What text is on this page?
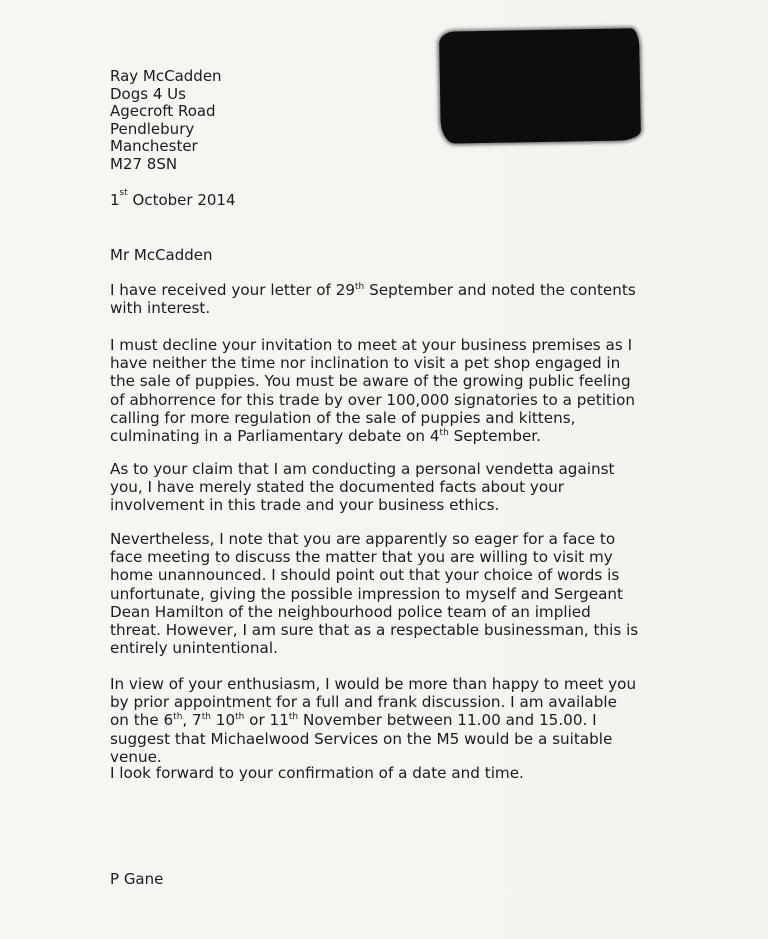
Ray McCadden
Dogs 4 Us
Agecroft Road
Pendlebury
Manchester
M27 8SN
1st October 2014
Mr McCadden

I have received your letter of 29th September and noted the contents with interest.

I must decline your invitation to meet at your business premises as I have neither the time nor inclination to visit a pet shop engaged in the sale of puppies. You must be aware of the growing public feeling of abhorrence for this trade by over 100,000 signatories to a petition calling for more regulation of the sale of puppies and kittens, culminating in a Parliamentary debate on 4th September.

As to your claim that I am conducting a personal vendetta against you, I have merely stated the documented facts about your involvement in this trade and your business ethics.

Nevertheless, I note that you are apparently so eager for a face to face meeting to discuss the matter that you are willing to visit my home unannounced. I should point out that your choice of words is unfortunate, giving the possible impression to myself and Sergeant Dean Hamilton of the neighbourhood police team of an implied threat. However, I am sure that as a respectable businessman, this is entirely unintentional.

In view of your enthusiasm, I would be more than happy to meet you by prior appointment for a full and frank discussion. I am available on the 6th, 7th 10th or 11th November between 11.00 and 15.00. I suggest that Michaelwood Services on the M5 would be a suitable venue.

I look forward to your confirmation of a date and time.

P Gane
